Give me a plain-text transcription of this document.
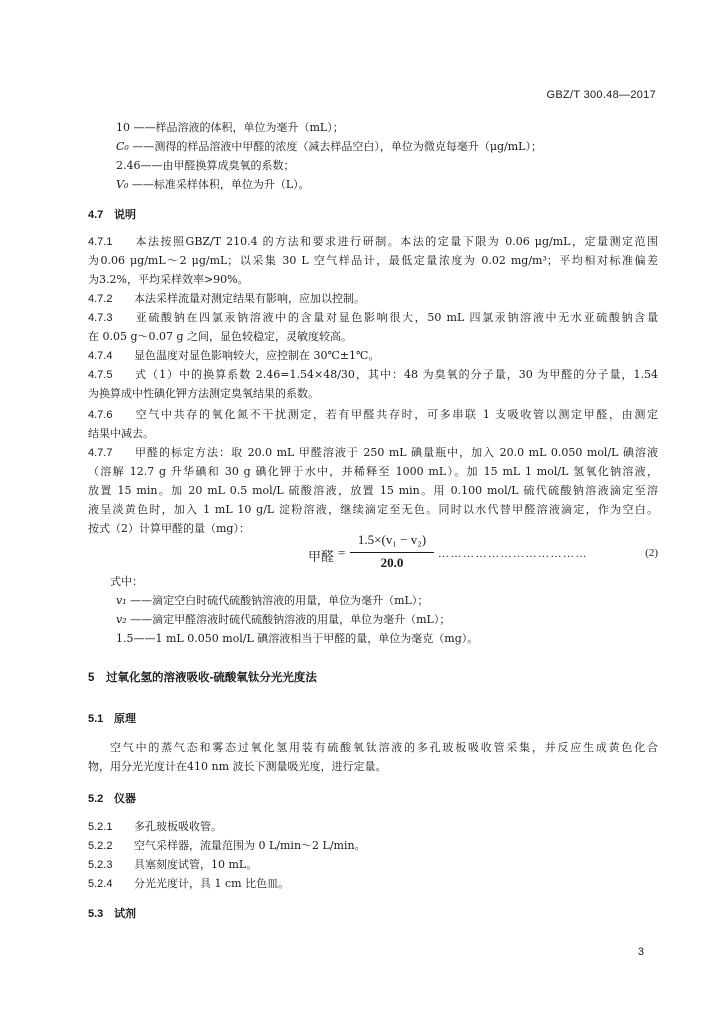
GBZ/T 300.48—2017
10 ——样品溶液的体积，单位为毫升（mL）；
C₀ ——测得的样品溶液中甲醛的浓度（减去样品空白），单位为微克每毫升（μg/mL）；
2.46——由甲醛换算成臭氧的系数；
V₀ ——标准采样体积，单位为升（L）。
4.7 说明
4.7.1 本法按照GBZ/T 210.4 的方法和要求进行研制。本法的定量下限为 0.06 μg/mL，定量测定范围
为0.06 μg/mL～2 μg/mL；以采集 30 L 空气样品计，最低定量浓度为 0.02 mg/m³；平均相对标准偏差
为3.2%，平均采样效率>90%。
4.7.2 本法采样流量对测定结果有影响，应加以控制。
4.7.3 亚硫酸钠在四氯汞钠溶液中的含量对显色影响很大，50 mL 四氯汞钠溶液中无水亚硫酸钠含量
在 0.05 g～0.07 g 之间，显色较稳定，灵敏度较高。
4.7.4 显色温度对显色影响较大，应控制在 30℃±1℃。
4.7.5 式（1）中的换算系数 2.46=1.54×48/30，其中：48 为臭氧的分子量，30 为甲醛的分子量，1.54
为换算成中性碘化钾方法测定臭氧结果的系数。
4.7.6 空气中共存的氧化氮不干扰测定，若有甲醛共存时，可多串联 1 支吸收管以测定甲醛，由测定
结果中减去。
4.7.7 甲醛的标定方法：取 20.0 mL 甲醛溶液于 250 mL 碘量瓶中，加入 20.0 mL 0.050 mol/L 碘溶液
（溶解 12.7 g 升华碘和 30 g 碘化钾于水中，并稀释至 1000 mL）。加 15 mL 1 mol/L 氢氧化钠溶液，
放置 15 min。加 20 mL 0.5 mol/L 硫酸溶液，放置 15 min。用 0.100 mol/L 硫代硫酸钠溶液滴定至溶
液呈淡黄色时，加入 1 mL 10 g/L 淀粉溶液，继续滴定至无色。同时以水代替甲醛溶液滴定，作为空白。
按式（2）计算甲醛的量（mg）：
甲醛 =
1.5×(v₁ − v₂)
20.0
………………………………	(2)
式中：
v₁ ——滴定空白时硫代硫酸钠溶液的用量，单位为毫升（mL）；
v₂ ——滴定甲醛溶液时硫代硫酸钠溶液的用量，单位为毫升（mL）；
1.5——1 mL 0.050 mol/L 碘溶液相当于甲醛的量，单位为毫克（mg）。
5 过氧化氢的溶液吸收-硫酸氧钛分光光度法
5.1 原理
空气中的蒸气态和雾态过氧化氢用装有硫酸氧钛溶液的多孔玻板吸收管采集，并反应生成黄色化合
物，用分光光度计在410 nm 波长下测量吸光度，进行定量。
5.2 仪器
5.2.1 多孔玻板吸收管。
5.2.2 空气采样器，流量范围为 0 L/min～2 L/min。
5.2.3 具塞刻度试管，10 mL。
5.2.4 分光光度计，具 1 cm 比色皿。
5.3 试剂
3
